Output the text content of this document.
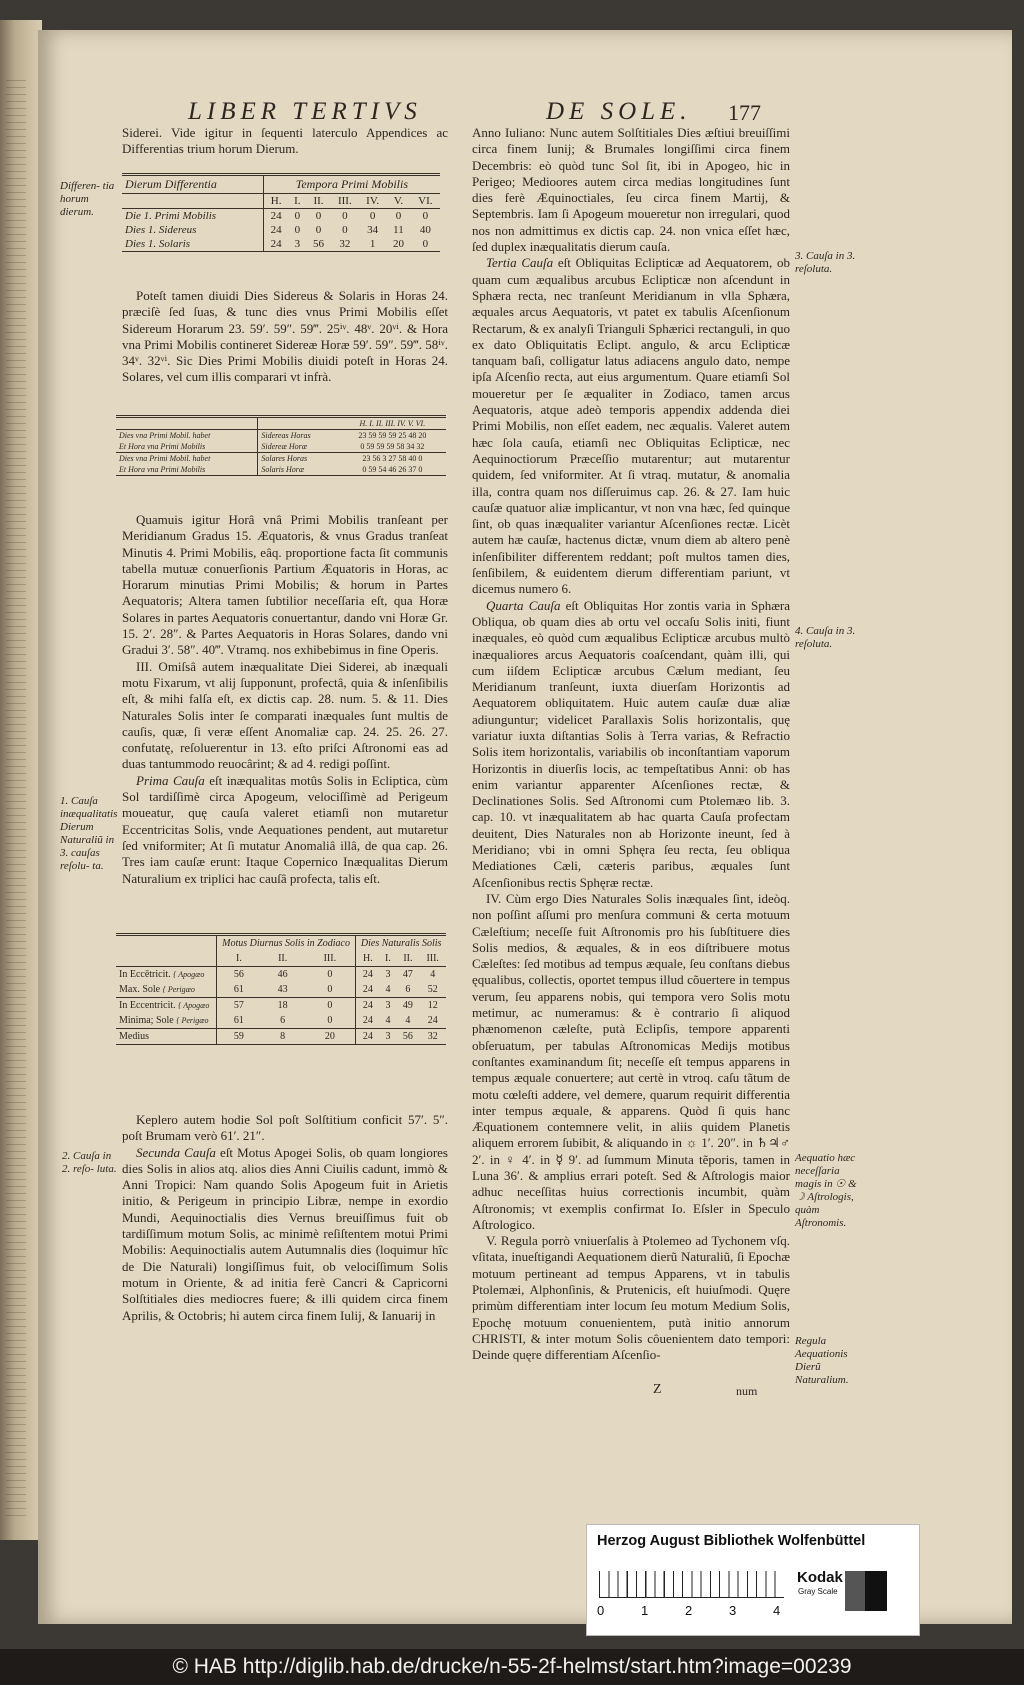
LIBER TERTIVS	DE SOLE. 177

Siderei. Vide igitur in ſequenti laterculo Appendices ac Differentias trium horum Dierum.

Differen- tia horum dierum.
Dierum Differentia	Tempora Primi Mobilis						
	H.	I.	II.	III.	IV.	V.	VI.
Die 1. Primi Mobilis	24	0	0	0	0	0	0
Dies 1. Sidereus	24	0	0	0	34	11	40
Dies 1. Solaris	24	3	56	32	1	20	0

Poteſt tamen diuidi Dies Sidereus & Solaris in Horas 24. præciſè ſed ſuas, & tunc dies vnus Primi Mobilis eſſet Sidereum Horarum 23. 59′. 59″. 59‴. 25ⁱᵛ. 48ᵛ. 20ᵛⁱ. & Hora vna Primi Mobilis contineret Sidereæ Horæ 59′. 59″. 59‴. 58ⁱᵛ. 34ᵛ. 32ᵛⁱ. Sic Dies Primi Mobilis diuidi poteſt in Horas 24. Solares, vel cum illis comparari vt infrà.

		H. I. II. III. IV. V. VI.
Dies vna Primi Mobil. habet	Sidereas Horas	23 59 59 59 25 48 20
Et Hora vna Primi Mobilis	Sidereæ Horæ	0 59 59 59 58 34 32
Dies vna Primi Mobil. habet	Solares Horas	23 56 3 27 58 40 0
Et Hora vna Primi Mobilis	Solaris Horæ	0 59 54 46 26 37 0

Quamuis igitur Horâ vnâ Primi Mobilis tranſeant per Meridianum Gradus 15. Æquatoris, & vnus Gradus tranſeat Minutis 4. Primi Mobilis, eâq. proportione facta ſit communis tabella mutuæ conuerſionis Partium Æquatoris in Horas, ac Horarum minutias Primi Mobilis; & horum in Partes Aequatoris; Altera tamen ſubtilior neceſſaria eſt, qua Horæ Solares in partes Aequatoris conuertantur, dando vni Horæ Gr. 15. 2′. 28″. & Partes Aequatoris in Horas Solares, dando vni Gradui 3′. 58″. 40‴. Vtramq. nos exhibebimus in fine Operis.

III. Omiſsâ autem inæqualitate Diei Siderei, ab inæquali motu Fixarum, vt alij ſupponunt, profectâ, quia & inſenſibilis eſt, & mihi falſa eſt, ex dictis cap. 28. num. 5. & 11. Dies Naturales Solis inter ſe comparati inæquales ſunt multis de cauſis, quæ, ſi veræ eſſent Anomaliæ cap. 24. 25. 26. 27. confutatę, reſoluerentur in 13. eſto priſci Aſtronomi eas ad duas tantummodo reuocârint; & ad 4. redigi poſſint.

Prima Cauſa eſt inæqualitas motûs Solis in Ecliptica, cùm Sol tardiſſimè circa Apogeum, velociſſimè ad Perigeum moueatur, quę cauſa valeret etiamſi non mutaretur Eccentricitas Solis, vnde Aequationes pendent, aut mutaretur ſed vniformiter; At ſi mutatur Anomaliâ illâ, de qua cap. 26. Tres iam cauſæ erunt: Itaque Copernico Inæqualitas Dierum Naturalium ex triplici hac cauſâ profecta, talis eſt.

1. Cauſa inæqualitatis Dierum Naturaliũ in 3. cauſas reſolu- ta.
	Motus Diurnus Solis in Zodiaco			Dies Naturalis Solis			
	I.	II.	III.	H.	I.	II.	III.
In Eccētricit. { Apogæo	56	46	0	24	3	47	4
Max. Sole { Perigæo	61	43	0	24	4	6	52
In Eccentricit. { Apogæo	57	18	0	24	3	49	12
Minima; Sole { Perigæo	61	6	0	24	4	4	24
Medius	59	8	20	24	3	56	32

Keplero autem hodie Sol poſt Solſtitium conficit 57′. 5″. poſt Brumam verò 61′. 21″.

Secunda Cauſa eſt Motus Apogei Solis, ob quam longiores dies Solis in alios atq. alios dies Anni Ciuilis cadunt, immò & Anni Tropici: Nam quando Solis Apogeum fuit in Arietis initio, & Perigeum in principio Libræ, nempe in exordio Mundi, Aequinoctialis dies Vernus breuiſſimus fuit ob tardiſſimum motum Solis, ac minimè reſiſtentem motui Primi Mobilis: Aequinoctialis autem Autumnalis dies (loquimur hîc de Die Naturali) longiſſimus fuit, ob velociſſimum Solis motum in Oriente, & ad initia ferè Cancri & Capricorni Solſtitiales dies mediocres fuere; & illi quidem circa finem Aprilis, & Octobris; hi autem circa finem Iulij, & Ianuarij in

2. Cauſa in 2. reſo- luta.

Anno Iuliano: Nunc autem Solſtitiales Dies æſtiui breuiſſimi circa finem Iunij; & Brumales longiſſimi circa finem Decembris: eò quòd tunc Sol ſit, ibi in Apogeo, hic in Perigeo; Medioores autem circa medias longitudines ſunt dies ferè Æquinoctiales, ſeu circa finem Martij, & Septembris. Iam ſi Apogeum moueretur non irregulari, quod nos non admittimus ex dictis cap. 24. non vnica eſſet hæc, ſed duplex inæqualitatis dierum cauſa.

Tertia Cauſa eſt Obliquitas Eclipticæ ad Aequatorem, ob quam cum æqualibus arcubus Eclipticæ non aſcendunt in Sphæra recta, nec tranſeunt Meridianum in vlla Sphæra, æquales arcus Aequatoris, vt patet ex tabulis Aſcenſionum Rectarum, & ex analyſi Trianguli Sphærici rectanguli, in quo ex dato Obliquitatis Eclipt. angulo, & arcu Eclipticæ tanquam baſi, colligatur latus adiacens angulo dato, nempe ipſa Aſcenſio recta, aut eius argumentum. Quare etiamſi Sol moueretur per ſe æqualiter in Zodiaco, tamen arcus Aequatoris, atque adeò temporis appendix addenda diei Primi Mobilis, non eſſet eadem, nec æqualis. Valeret autem hæc ſola cauſa, etiamſi nec Obliquitas Eclipticæ, nec Aequinoctiorum Præceſſio mutarentur; aut mutarentur quidem, ſed vniformiter. At ſi vtraq. mutatur, & anomalia illa, contra quam nos diſſeruimus cap. 26. & 27. Iam huic cauſæ quatuor aliæ implicantur, vt non vna hæc, ſed quinque ſint, ob quas inæqualiter variantur Aſcenſiones rectæ. Licèt autem hæ cauſæ, hactenus dictæ, vnum diem ab altero penè inſenſibiliter differentem reddant; poſt multos tamen dies, ſenſibilem, & euidentem dierum differentiam pariunt, vt dicemus numero 6.

Quarta Cauſa eſt Obliquitas Hor zontis varia in Sphæra Obliqua, ob quam dies ab ortu vel occaſu Solis initi, fiunt inæquales, eò quòd cum æqualibus Eclipticæ arcubus multò inæqualiores arcus Aequatoris coaſcendant, quàm illi, qui cum iiſdem Eclipticæ arcubus Cælum mediant, ſeu Meridianum tranſeunt, iuxta diuerſam Horizontis ad Aequatorem obliquitatem. Huic autem cauſæ duæ aliæ adiunguntur; videlicet Parallaxis Solis horizontalis, quę variatur iuxta diſtantias Solis à Terra varias, & Refractio Solis item horizontalis, variabilis ob inconſtantiam vaporum Horizontis in diuerſis locis, ac tempeſtatibus Anni: ob has enim variantur apparenter Aſcenſiones rectæ, & Declinationes Solis. Sed Aſtronomi cum Ptolemæo lib. 3. cap. 10. vt inæqualitatem ab hac quarta Cauſa profectam deuitent, Dies Naturales non ab Horizonte ineunt, ſed à Meridiano; vbi in omni Sphęra ſeu recta, ſeu obliqua Mediationes Cæli, cæteris paribus, æquales ſunt Aſcenſionibus rectis Sphęræ rectæ.

IV. Cùm ergo Dies Naturales Solis inæquales ſint, ideòq. non poſſint aſſumi pro menſura communi & certa motuum Cæleſtium; neceſſe fuit Aſtronomis pro his ſubſtituere dies Solis medios, & æquales, & in eos diſtribuere motus Cæleſtes: ſed motibus ad tempus æquale, ſeu conſtans diebus ęqualibus, collectis, oportet tempus illud cõuertere in tempus verum, ſeu apparens nobis, qui tempora vero Solis motu metimur, ac numeramus: & è contrario ſi aliquod phænomenon cæleſte, putà Eclipſis, tempore apparenti obſeruatum, per tabulas Aſtronomicas Medijs motibus conſtantes examinandum ſit; neceſſe eſt tempus apparens in tempus æquale conuertere; aut certè in vtroq. caſu tãtum de motu cœleſti addere, vel demere, quarum requirit differentia inter tempus æquale, & apparens. Quòd ſi quis hanc Æquationem contemnere velit, in aliis quidem Planetis aliquem errorem ſubibit, & aliquando in ☼ 1′. 20″. in ♄♃♂ 2′. in ♀ 4′. in ☿ 9′. ad ſummum Minuta tẽporis, tamen in Luna 36′. & amplius errari poteſt. Sed & Aſtrologis maior adhuc neceſſitas huius correctionis incumbit, quàm Aſtronomis; vt exemplis confirmat Io. Eſsler in Speculo Aſtrologico.

V. Regula porrò vniuerſalis à Ptolemeo ad Tychonem vſq. vſitata, inueſtigandi Aequationem dierũ Naturaliũ, ſi Epochæ motuum pertineant ad tempus Apparens, vt in tabulis Ptolemæi, Alphonſinis, & Prutenicis, eſt huiuſmodi. Quęre primùm differentiam inter locum ſeu motum Medium Solis, Epochę motuum conuenientem, putà initio annorum CHRISTI, & inter motum Solis côuenientem dato tempori: Deinde quęre differentiam Aſcenſio-

3. Cauſa in 3. reſoluta.
4. Cauſa in 3. reſoluta.
Aequatio hæc neceſſaria magis in ☉ & ☽ Aſtrologis, quàm Aſtronomis.
Regula Aequationis Dierũ Naturalium.
Z	num
Herzog August Bibliothek Wolfenbüttel
0	1	2	3	4
Kodak
Gray Scale
© HAB http://diglib.hab.de/drucke/n-55-2f-helmst/start.htm?image=00239
